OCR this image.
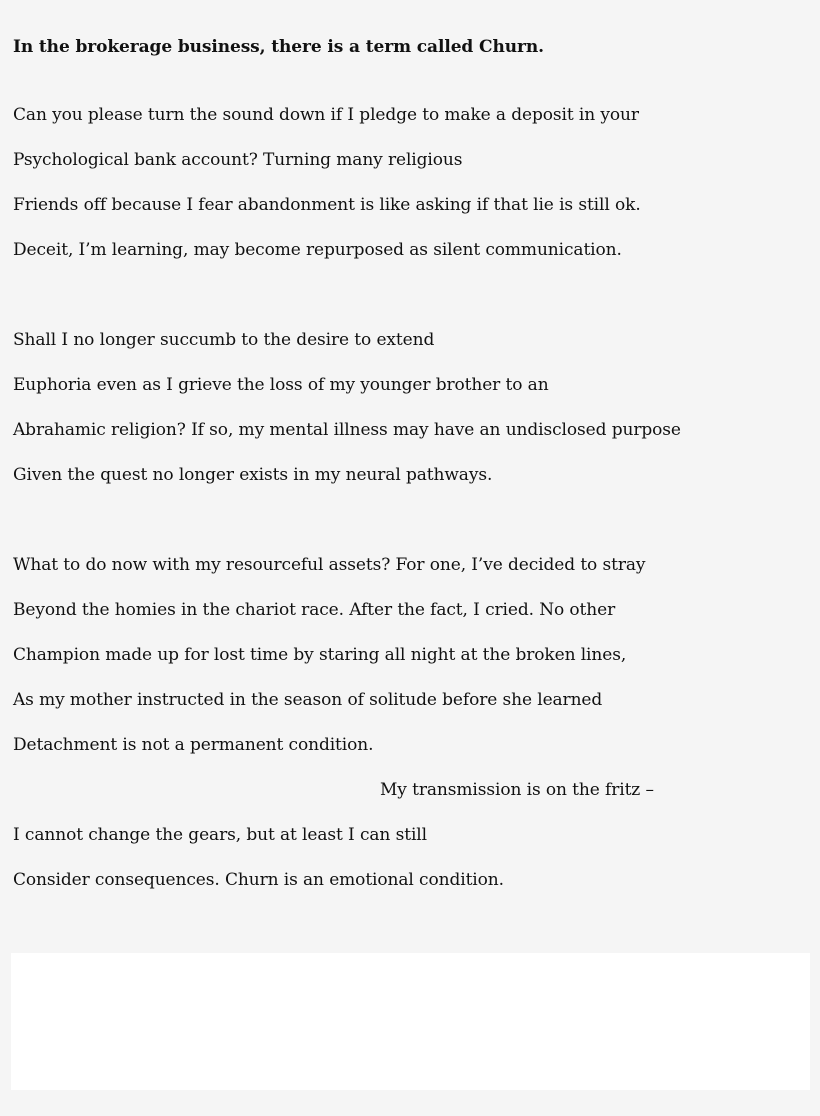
In the brokerage business, there is a term called Churn.
Can you please turn the sound down if I pledge to make a deposit in your
Psychological bank account? Turning many religious
Friends off because I fear abandonment is like asking if that lie is still ok.
Deceit, I’m learning, may become repurposed as silent communication.
Shall I no longer succumb to the desire to extend
Euphoria even as I grieve the loss of my younger brother to an
Abrahamic religion? If so, my mental illness may have an undisclosed purpose
Given the quest no longer exists in my neural pathways.
What to do now with my resourceful assets? For one, I’ve decided to stray
Beyond the homies in the chariot race. After the fact, I cried. No other
Champion made up for lost time by staring all night at the broken lines,
As my mother instructed in the season of solitude before she learned
Detachment is not a permanent condition.
My transmission is on the fritz –
I cannot change the gears, but at least I can still
Consider consequences. Churn is an emotional condition.
